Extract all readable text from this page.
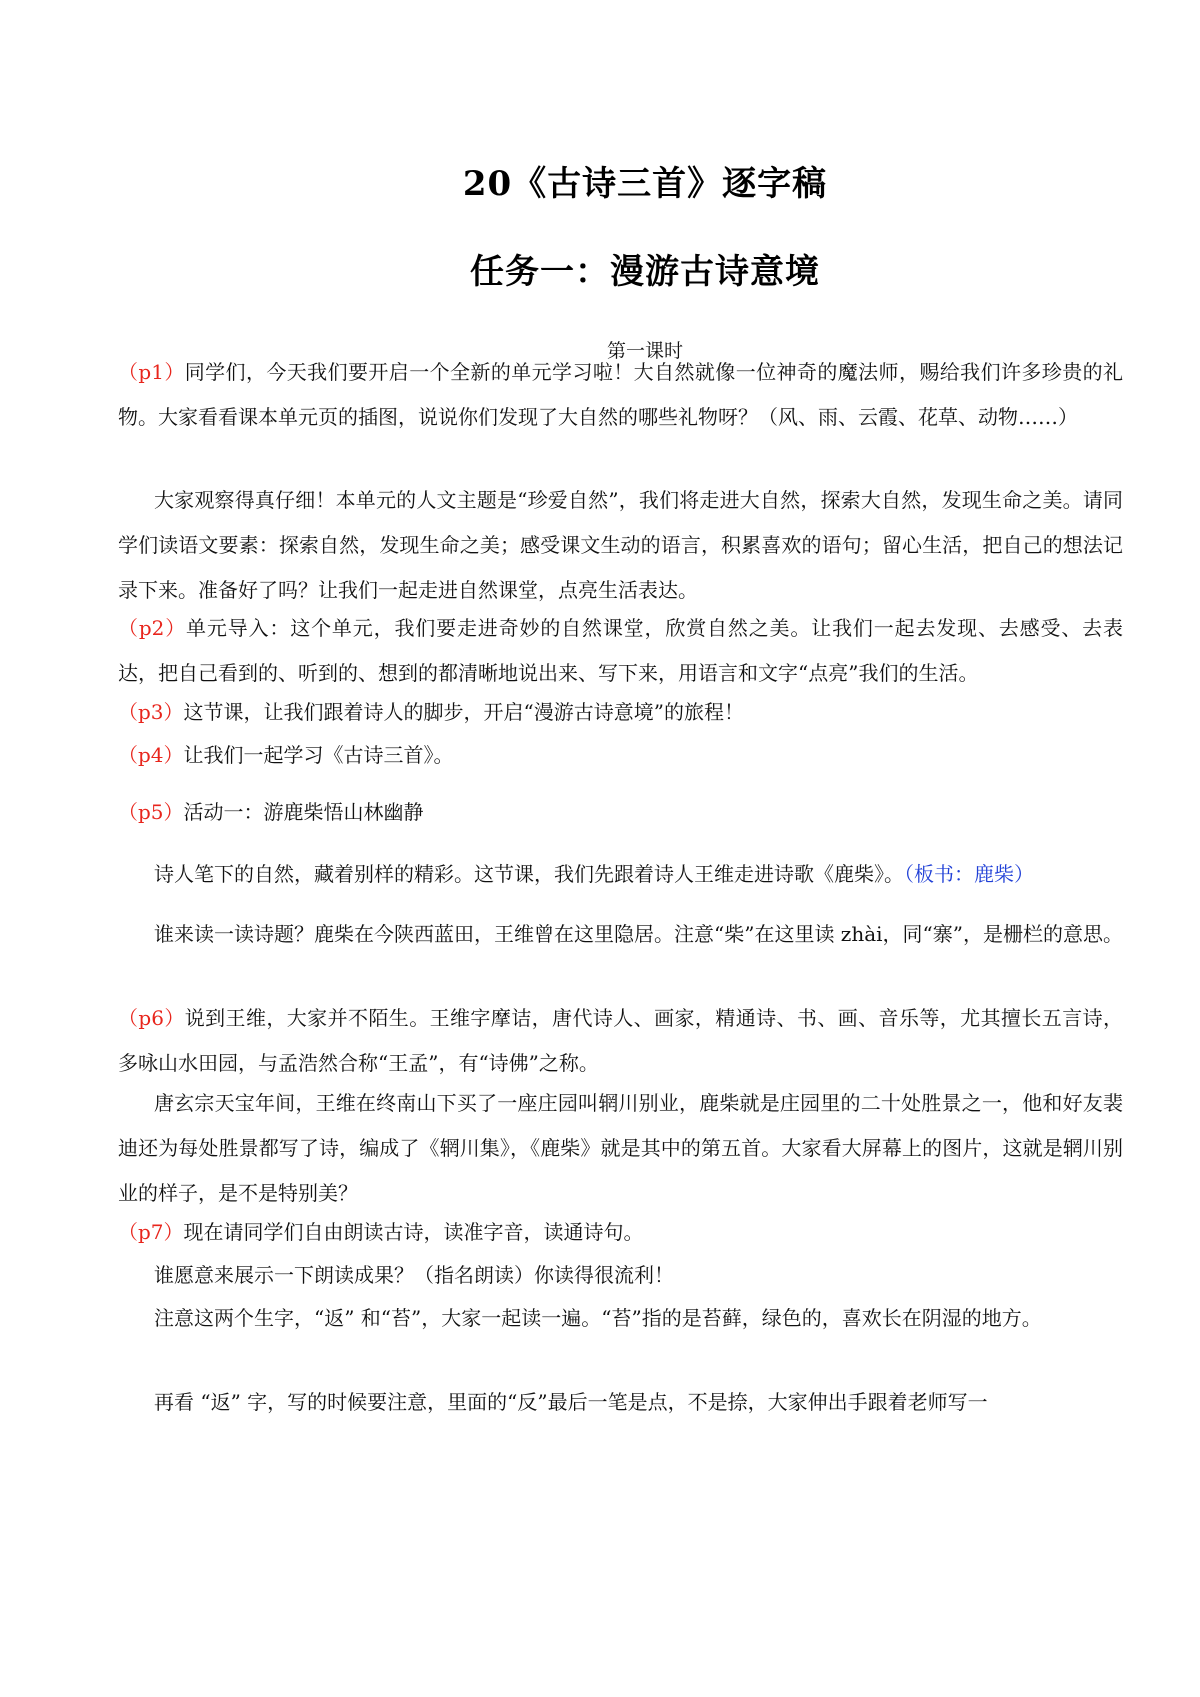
20《古诗三首》逐字稿
任务一：漫游古诗意境
第一课时

（p1）同学们，今天我们要开启一个全新的单元学习啦！大自然就像一位神奇的魔法师，赐给我们许多珍贵的礼物。大家看看课本单元页的插图，说说你们发现了大自然的哪些礼物呀？（风、雨、云霞、花草、动物……）

大家观察得真仔细！本单元的人文主题是“珍爱自然”，我们将走进大自然，探索大自然，发现生命之美。请同学们读语文要素：探索自然，发现生命之美；感受课文生动的语言，积累喜欢的语句；留心生活，把自己的想法记录下来。准备好了吗？让我们一起走进自然课堂，点亮生活表达。

（p2）单元导入：这个单元，我们要走进奇妙的自然课堂，欣赏自然之美。让我们一起去发现、去感受、去表达，把自己看到的、听到的、想到的都清晰地说出来、写下来，用语言和文字“点亮”我们的生活。

（p3）这节课，让我们跟着诗人的脚步，开启“漫游古诗意境”的旅程！

（p4）让我们一起学习《古诗三首》。

（p5）活动一：游鹿柴悟山林幽静

诗人笔下的自然，藏着别样的精彩。这节课，我们先跟着诗人王维走进诗歌《鹿柴》。（板书：鹿柴）

谁来读一读诗题？鹿柴在今陕西蓝田，王维曾在这里隐居。注意“柴”在这里读 zhài，同“寨”，是栅栏的意思。

（p6）说到王维，大家并不陌生。王维字摩诘，唐代诗人、画家，精通诗、书、画、音乐等，尤其擅长五言诗，多咏山水田园，与孟浩然合称“王孟”，有“诗佛”之称。

唐玄宗天宝年间，王维在终南山下买了一座庄园叫辋川别业，鹿柴就是庄园里的二十处胜景之一，他和好友裴迪还为每处胜景都写了诗，编成了《辋川集》，《鹿柴》就是其中的第五首。大家看大屏幕上的图片，这就是辋川别业的样子，是不是特别美？

（p7）现在请同学们自由朗读古诗，读准字音，读通诗句。

谁愿意来展示一下朗读成果？（指名朗读）你读得很流利！

注意这两个生字，“返” 和“苔”，大家一起读一遍。“苔”指的是苔藓，绿色的，喜欢长在阴湿的地方。

再看 “返” 字，写的时候要注意，里面的“反”最后一笔是点，不是捺，大家伸出手跟着老师写一
